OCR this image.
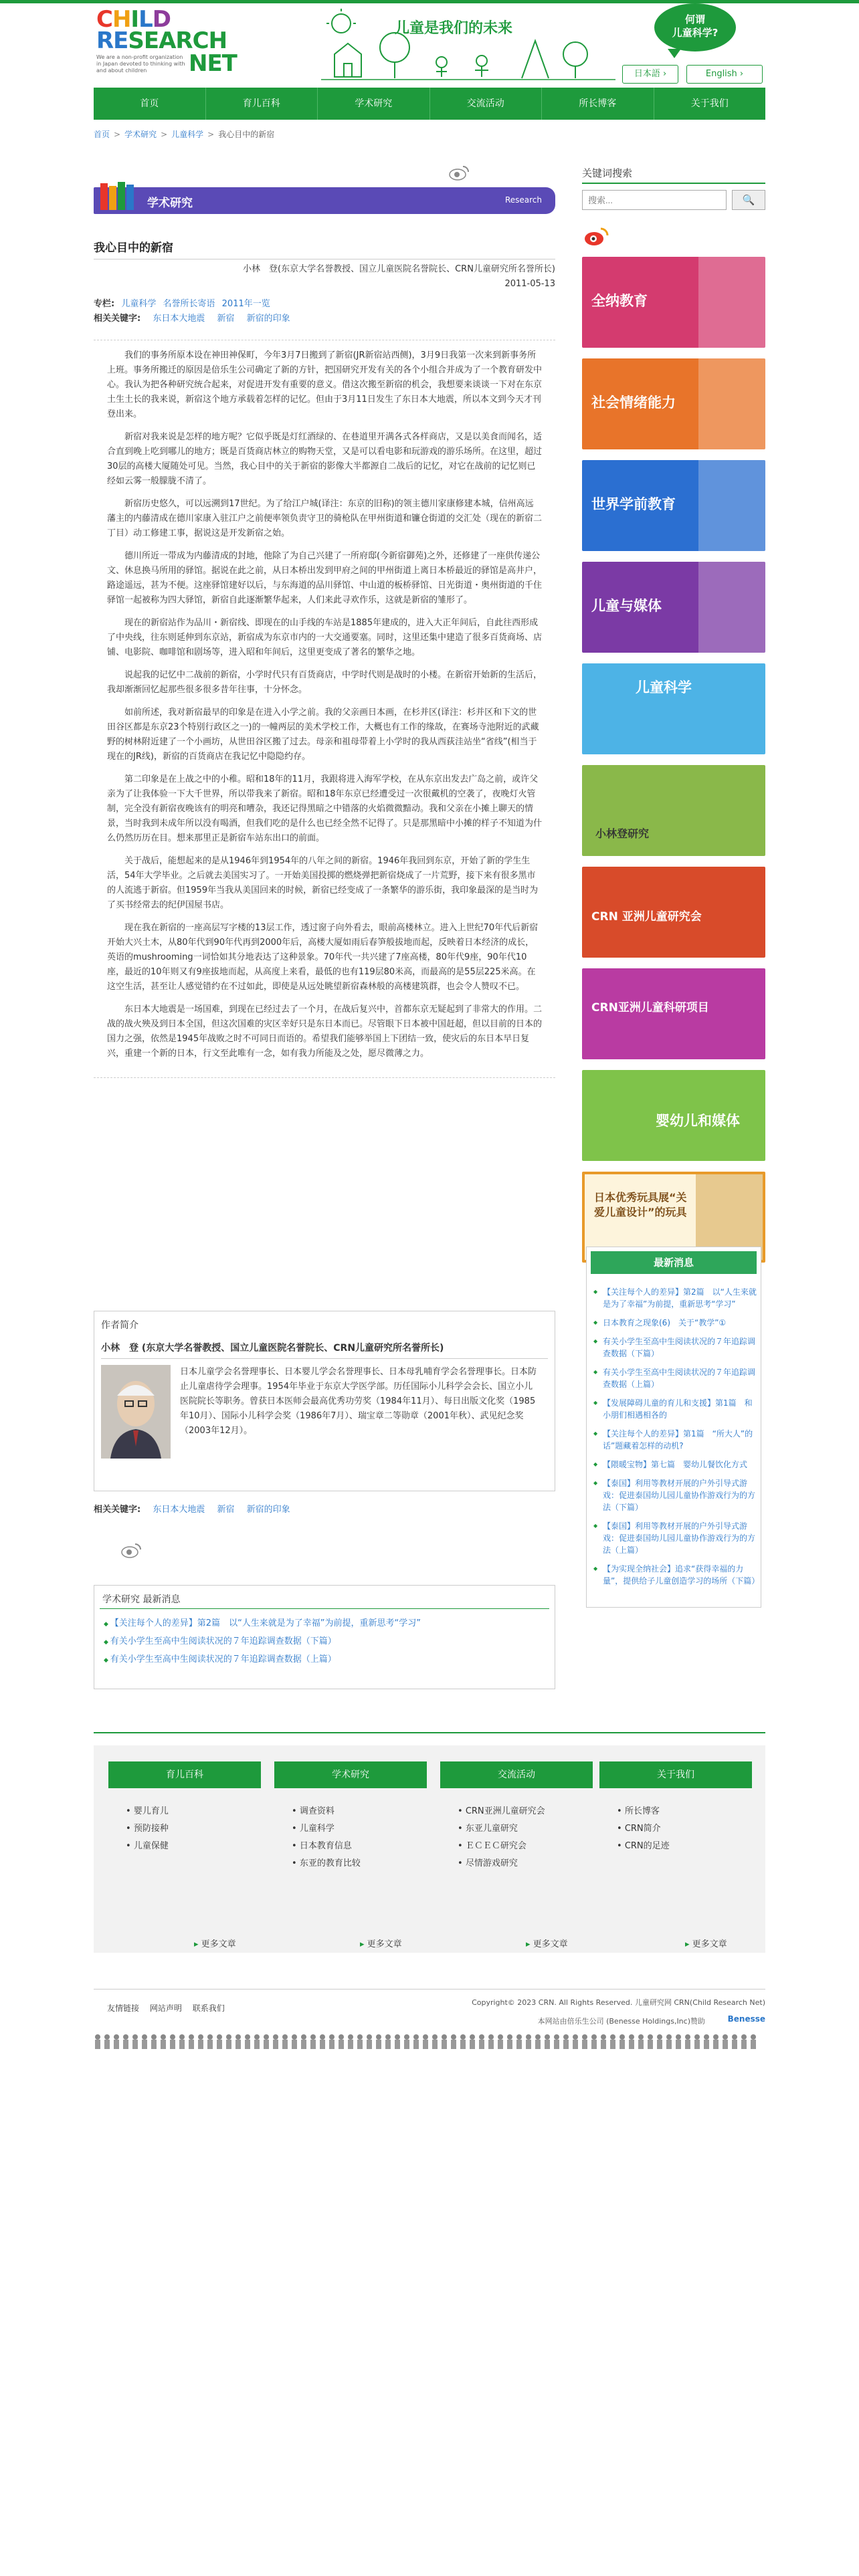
CHILD
RESEARCH
NET
We are a non-profit organization in Japan devoted to thinking with and about children
儿童是我们的未来
何谓
儿童科学?
日本語 ›	English ›
首页	育儿百科	学术研究	交流活动	所长博客	关于我们
首页 > 学术研究 > 儿童科学 > 我心目中的新宿
学术研究	Research
我心目中的新宿
小林　登(东京大学名誉教授、国立儿童医院名誉院长、CRN儿童研究所名誉所长)
2011-05-13
专栏: 儿童科学 名誉所长寄语 2011年一览
相关关键字: 东日本大地震 新宿 新宿的印象

我们的事务所原本设在神田神保町，今年3月7日搬到了新宿(JR新宿站西侧)，3月9日我第一次来到新事务所上班。事务所搬迁的原因是倍乐生公司确定了新的方针，把国研究开发有关的各个小组合并成为了一个教育研发中心。我认为把各种研究统合起来，对促进开发有重要的意义。借这次搬至新宿的机会，我想要来谈谈一下对在东京土生土长的我来说，新宿这个地方承载着怎样的记忆。但由于3月11日发生了东日本大地震，所以本文到今天才刊登出来。

新宿对我来说是怎样的地方呢？它似乎既是灯红酒绿的、在巷道里开满各式各样商店，又是以美食而闻名，适合直到晚上吃到哪儿的地方；既是百货商店林立的购物天堂，又是可以看电影和玩游戏的游乐场所。在这里，超过30层的高楼大厦随处可见。当然，我心目中的关于新宿的影像大半都源自二战后的记忆，对它在战前的记忆则已经如云雾一般朦胧不清了。

新宿历史悠久，可以远溯到17世纪。为了给江户城(译注：东京的旧称)的领主德川家康修建本城，信州高远藩主的内藤清成在德川家康入驻江户之前便率领负责守卫的骑枪队在甲州街道和镰仓街道的交汇处（现在的新宿二丁目）动工修建工事，据说这是开发新宿之始。

德川所近一带成为内藤清成的封地，他除了为自己兴建了一所府邸(今新宿御苑)之外，还修建了一座供传递公文、休息换马所用的驿馆。据说在此之前，从日本桥出发到甲府之间的甲州街道上离日本桥最近的驿馆是高井户，路途遥远，甚为不便。这座驿馆建好以后，与东海道的品川驿馆、中山道的板桥驿馆、日光街道・奥州街道的千住驿馆一起被称为四大驿馆，新宿自此逐渐繁华起来，人们来此寻欢作乐，这就是新宿的雏形了。

现在的新宿站作为品川・新宿线、即现在的山手线的车站是1885年建成的，进入大正年间后，自此往西形成了中央线，往东则延伸到东京站，新宿成为东京市内的一大交通要塞。同时，这里还集中建造了很多百货商场、店铺、电影院、咖啡馆和剧场等，进入昭和年间后，这里更变成了著名的繁华之地。

说起我的记忆中二战前的新宿，小学时代只有百货商店，中学时代则是战时的小楼。在新宿开始新的生活后，我却渐渐回忆起那些很多很多昔年往事，十分怀念。

如前所述，我对新宿最早的印象是在进入小学之前。我的父亲画日本画，在杉并区(译注：杉并区和下文的世田谷区都是东京23个特别行政区之一)的一幢两层的美术学校工作，大概也有工作的缘故，在赛场寺池附近的武藏野的树林附近建了一个小画坊，从世田谷区搬了过去。母亲和祖母带着上小学时的我从西荻洼站坐“省线”(相当于现在的JR线)，新宿的百货商店在我记忆中隐隐约存。

第二印象是在上战之中的小稚。昭和18年的11月，我跟将进入海军学校，在从东京出发去广岛之前，或许父亲为了让我体验一下大千世界，所以带我来了新宿。昭和18年东京已经遭受过一次很戴机的空袭了，夜晚灯火管制，完全没有新宿夜晚该有的明亮和嘈杂，我还记得黑暗之中错落的火焰微微黯动。我和父亲在小摊上聊天的情景，当时我到未成年所以没有喝酒，但我们吃的是什么也已经全然不记得了。只是那黑暗中小摊的样子不知道为什么仍然历历在目。想来那里正是新宿车站东出口的前面。

关于战后，能想起来的是从1946年到1954年的八年之间的新宿。1946年我回到东京，开始了新的学生生活，54年大学毕业。之后就去美国实习了。一开始美国投掷的燃烧弹把新宿烧成了一片荒野，接下来有很多黑市的人流逃于新宿。但1959年当我从美国回来的时候，新宿已经变成了一条繁华的游乐街，我印象最深的是当时为了买书经常去的纪伊国屋书店。

现在我在新宿的一座高层写字楼的13层工作，透过窗子向外看去，眼前高楼林立。进入上世纪70年代后新宿开始大兴土木，从80年代到90年代再到2000年后，高楼大厦如雨后春笋般拔地而起，反映着日本经济的成长，英语的mushrooming一词恰如其分地表达了这种景象。70年代一共兴建了7座高楼，80年代9座，90年代10座，最近的10年则又有9座拔地而起，从高度上来看，最低的也有119层80米高，而最高的是55层225米高。在这空生活，甚至让人感觉错约在不过如此，即使是从远处眺望新宿森林般的高楼建筑群，也会令人赞叹不已。

东日本大地震是一场国难，到现在已经过去了一个月，在战后复兴中，首都东京无疑起到了非常大的作用。二战的战火殃及到日本全国，但这次国难的灾区幸好只是东日本而已。尽管眼下日本被中国赶超，但以目前的日本的国力之强，依然是1945年战败之时不可同日而语的。希望我们能够举国上下团结一致，使灾后的东日本早日复兴，重建一个新的日本，行文至此唯有一念，如有我力所能及之处，愿尽微薄之力。

作者简介
小林　登 (东京大学名誉教授、国立儿童医院名誉院长、CRN儿童研究所名誉所长)
日本儿童学会名誉理事长、日本婴儿学会名誉理事长、日本母乳哺育学会名誉理事长。日本防止儿童虐待学会理事。1954年毕业于东京大学医学部。历任国际小儿科学会会长、国立小儿医院院长等职务。曾获日本医师会最高优秀功劳奖（1984年11月）、每日出版文化奖（1985年10月）、国际小儿科学会奖（1986年7月）、瑞宝章二等勋章（2001年秋）、武见纪念奖（2003年12月）。
相关关键字: 东日本大地震 新宿 新宿的印象
学术研究 最新消息
◆ 【关注每个人的差异】第2篇　以“人生来就是为了幸福”为前提，重新思考“学习”
◆ 有关小学生至高中生阅读状况的７年追踪调查数据（下篇）
◆ 有关小学生至高中生阅读状况的７年追踪调查数据（上篇）
关键词搜索
搜索...
🔍
全纳教育
社会情绪能力
世界学前教育
儿童与媒体
儿童科学
小林登研究
CRN 亚洲儿童研究会
CRN亚洲儿童科研项目
婴幼儿和媒体
日本优秀玩具展“关爱儿童设计”的玩具
最新消息
◆ 【关注每个人的差异】第2篇　以“人生来就是为了幸福”为前提，重新思考“学习”
◆ 日本教育之现象(6)　关于“教学”①
◆ 有关小学生至高中生阅读状况的７年追踪调查数据（下篇）
◆ 有关小学生至高中生阅读状况的７年追踪调查数据（上篇）
◆ 【发展障碍儿童的育儿和支援】第1篇　和小朋们相遇相各的
◆ 【关注每个人的差异】第1篇　“所大人”的话”题藏着怎样的动机?
◆ 【隈暖宝物】第七篇　婴幼儿餐饮化方式
◆ 【泰国】利用等教材开展的户外引导式游戏：促进泰国幼儿园儿童协作游戏行为的方法（下篇）
◆ 【泰国】利用等教材开展的户外引导式游戏：促进泰国幼儿园儿童协作游戏行为的方法（上篇）
◆ 【为实现全纳社会】追求“获得幸福的力量”，提供给子儿童创造学习的场所（下篇）
育儿百科
• 婴儿育儿
• 预防接种
• 儿童保健
▸ 更多文章
学术研究
• 调查资料
• 儿童科学
• 日本教育信息
• 东亚的教育比较
▸ 更多文章
交流活动
• CRN亚洲儿童研究会
• 东亚儿童研究
• ＥＣＥＣ研究会
• 尽情游戏研究
▸ 更多文章
关于我们
• 所长博客
• CRN简介
• CRN的足迹
▸ 更多文章
友情链接 网站声明 联系我们
Copyright© 2023 CRN. All Rights Reserved. 儿童研究网 CRN(Child Research Net)
本网站由倍乐生公司 (Benesse Holdings,Inc)赞助	Benesse
